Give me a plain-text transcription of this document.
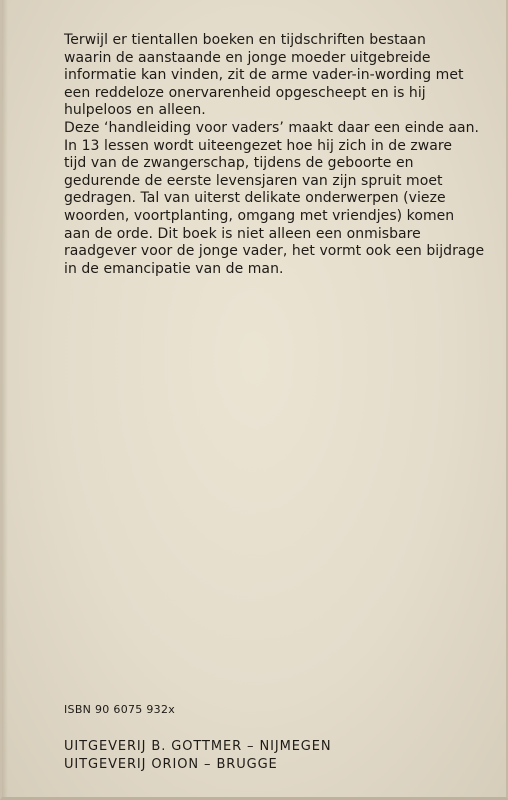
Terwijl er tientallen boeken en tijdschriften bestaan
waarin de aanstaande en jonge moeder uitgebreide
informatie kan vinden, zit de arme vader-in-wording met
een reddeloze onervarenheid opgescheept en is hij
hulpeloos en alleen.

Deze ‘handleiding voor vaders’ maakt daar een einde aan.

In 13 lessen wordt uiteengezet hoe hij zich in de zware
tijd van de zwangerschap, tijdens de geboorte en
gedurende de eerste levensjaren van zijn spruit moet
gedragen. Tal van uiterst delikate onderwerpen (vieze
woorden, voortplanting, omgang met vriendjes) komen
aan de orde. Dit boek is niet alleen een onmisbare
raadgever voor de jonge vader, het vormt ook een bijdrage
in de emancipatie van de man.

ISBN 90 6075 932x
UITGEVERIJ B. GOTTMER – NIJMEGEN
UITGEVERIJ ORION – BRUGGE
